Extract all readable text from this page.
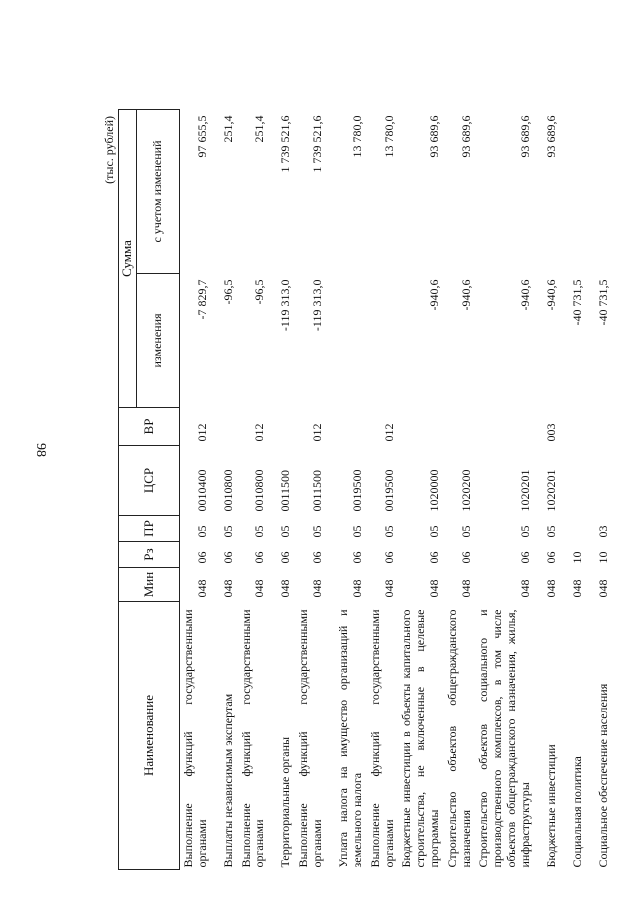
98
(тыс. рублей)
Наименование	Мин	Рз	ПР	ЦСР	ВР	Сумма	
						изменения	с учетом изменений
Выполнение функций государственными органами	048	06	05	0010400	012	-7 829,7	97 655,5
Выплаты независимым экспертам	048	06	05	0010800		-96,5	251,4
Выполнение функций государственными органами	048	06	05	0010800	012	-96,5	251,4
Территориальные органы	048	06	05	0011500		-119 313,0	1 739 521,6
Выполнение функций государственными органами	048	06	05	0011500	012	-119 313,0	1 739 521,6
Уплата налога на имущество организаций и земельного налога	048	06	05	0019500			13 780,0
Выполнение функций государственными органами	048	06	05	0019500	012		13 780,0
Бюджетные инвестиции в объекты капитального строительства, не включенные в целевые программы	048	06	05	1020000		-940,6	93 689,6
Строительство объектов общегражданского назначения	048	06	05	1020200		-940,6	93 689,6
Строительство объектов социального и производственного комплексов, в том числе объектов общегражданского назначения, жилья, инфраструктуры	048	06	05	1020201		-940,6	93 689,6
Бюджетные инвестиции	048	06	05	1020201	003	-940,6	93 689,6
Социальная политика	048	10				-40 731,5	
Социальное обеспечение населения	048	10	03			-40 731,5	
